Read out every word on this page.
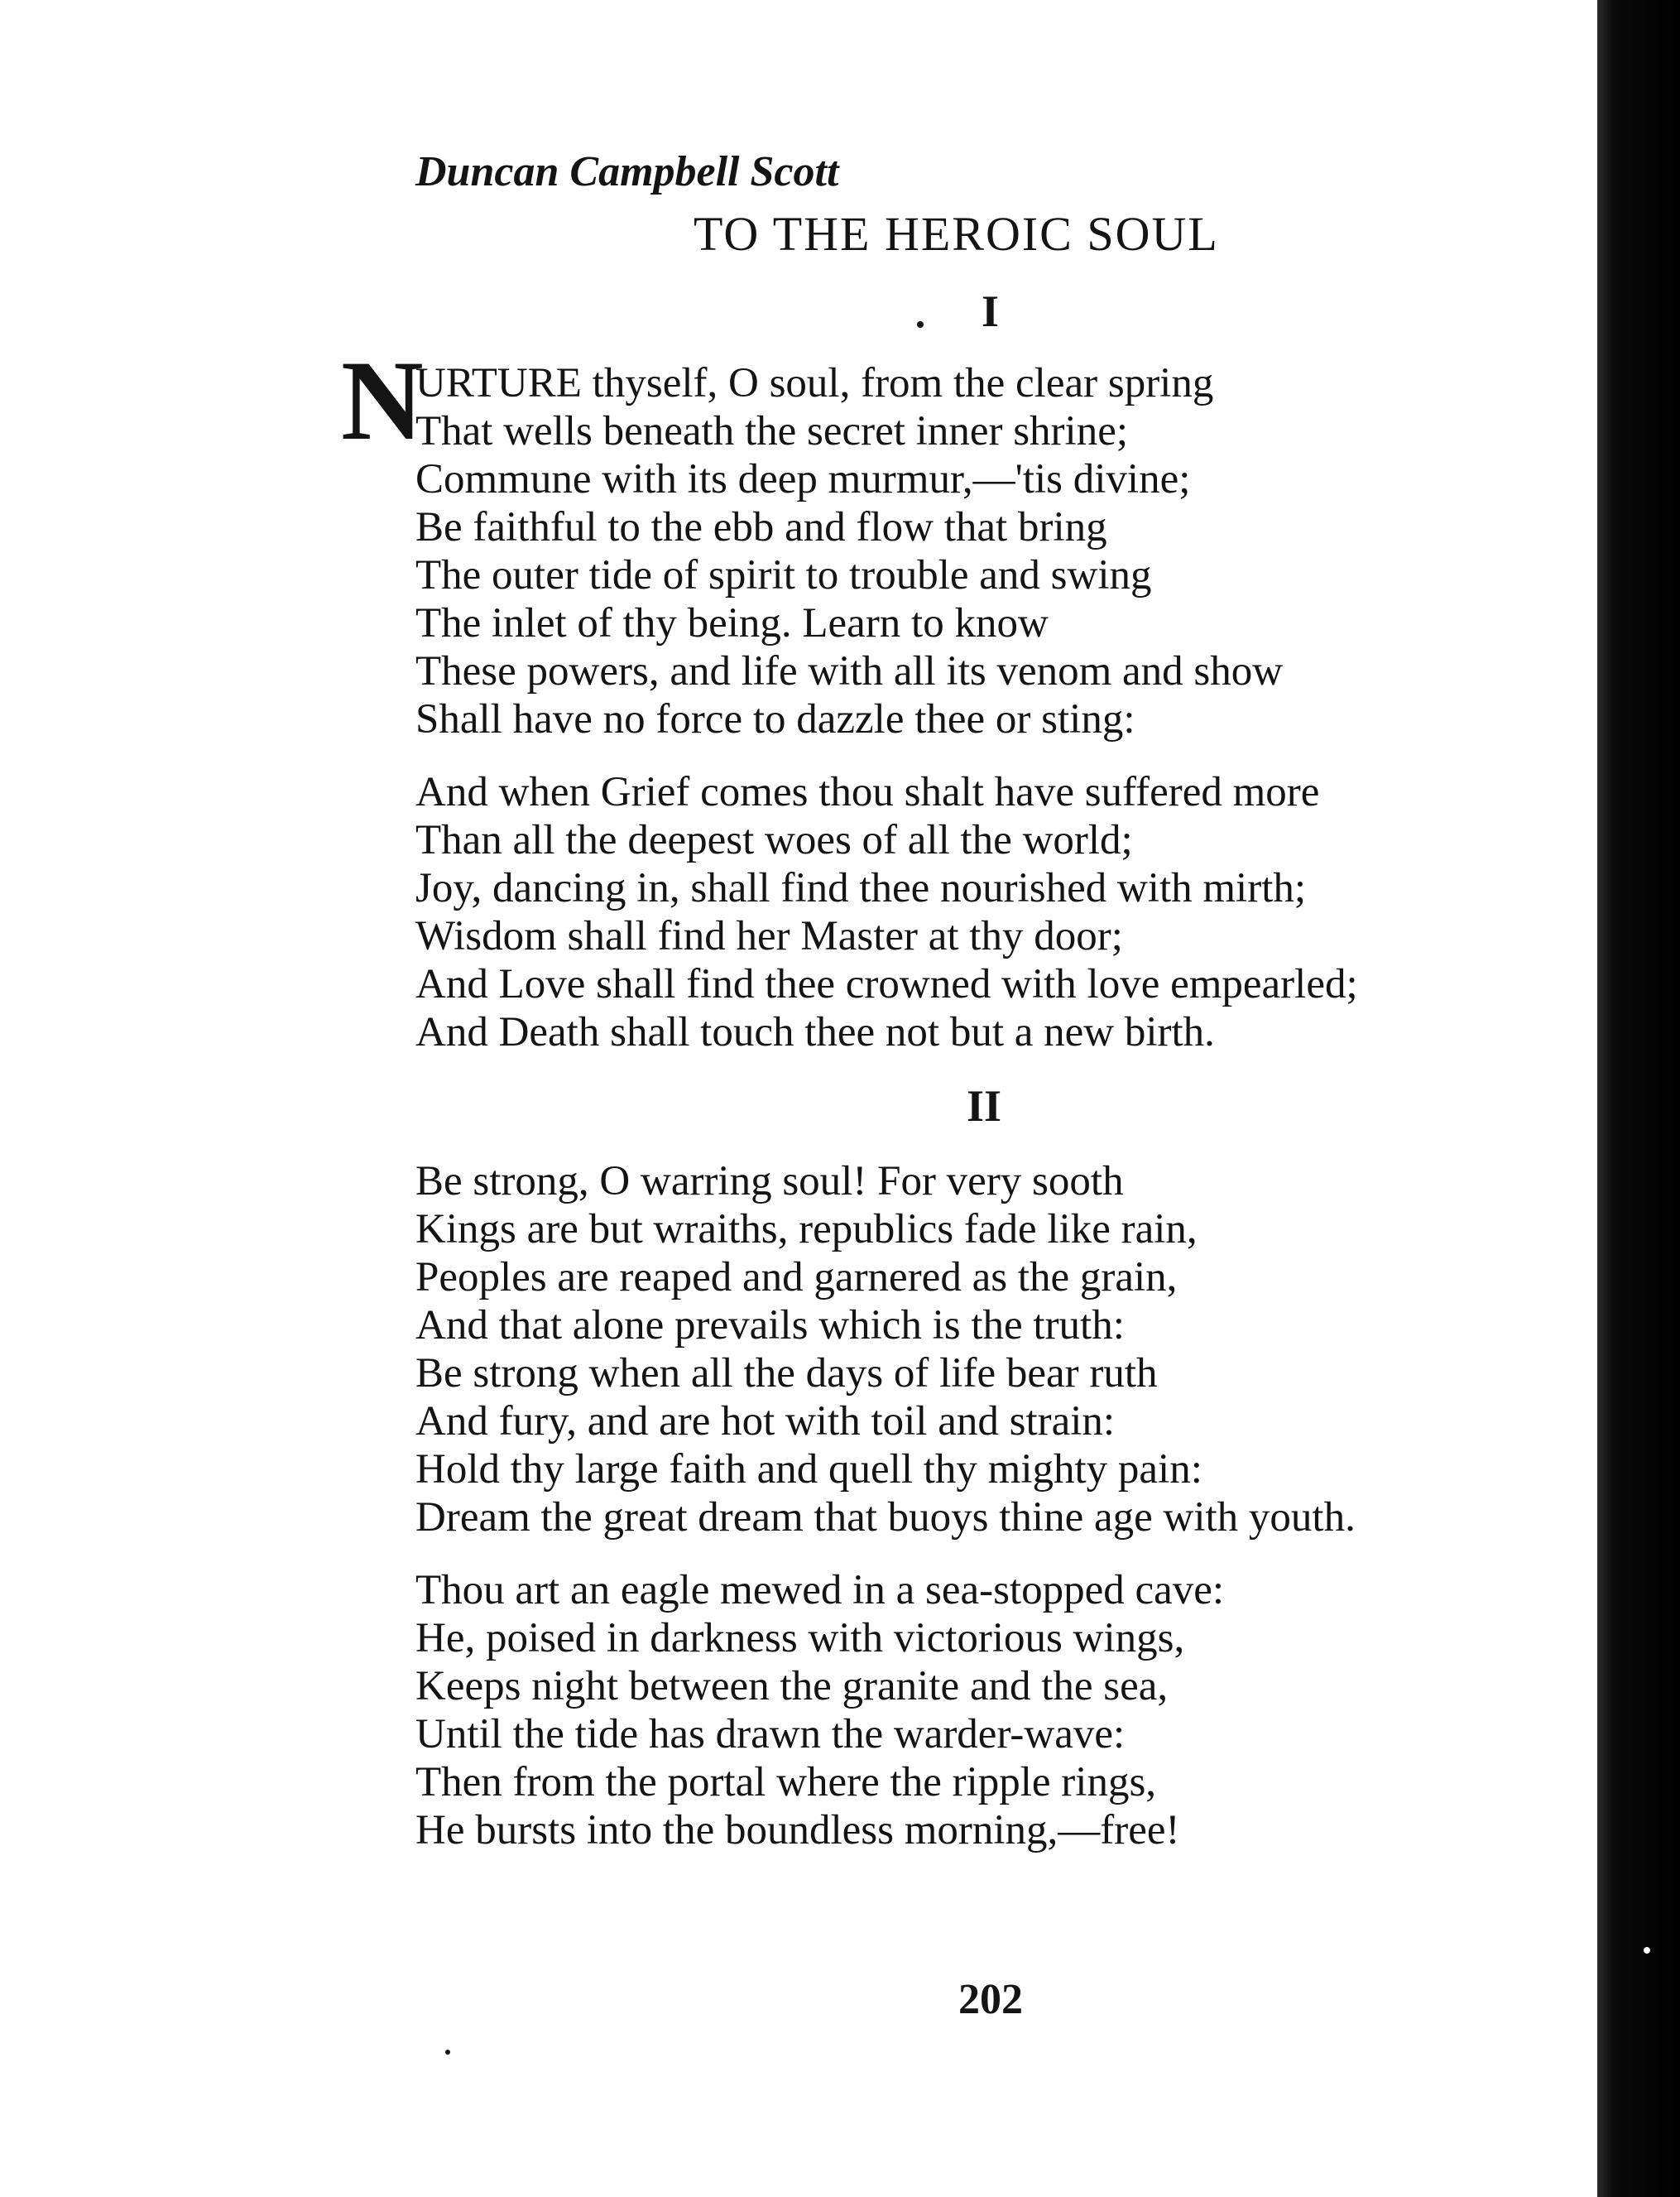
Duncan Campbell Scott
TO THE HEROIC SOUL
I
N
URTURE thyself, O soul, from the clear spring
That wells beneath the secret inner shrine;
Commune with its deep murmur,—'tis divine;
Be faithful to the ebb and flow that bring
The outer tide of spirit to trouble and swing
The inlet of thy being. Learn to know
These powers, and life with all its venom and show
Shall have no force to dazzle thee or sting:
And when Grief comes thou shalt have suffered more
Than all the deepest woes of all the world;
Joy, dancing in, shall find thee nourished with mirth;
Wisdom shall find her Master at thy door;
And Love shall find thee crowned with love empearled;
And Death shall touch thee not but a new birth.
II
Be strong, O warring soul! For very sooth
Kings are but wraiths, republics fade like rain,
Peoples are reaped and garnered as the grain,
And that alone prevails which is the truth:
Be strong when all the days of life bear ruth
And fury, and are hot with toil and strain:
Hold thy large faith and quell thy mighty pain:
Dream the great dream that buoys thine age with youth.
Thou art an eagle mewed in a sea-stopped cave:
He, poised in darkness with victorious wings,
Keeps night between the granite and the sea,
Until the tide has drawn the warder-wave:
Then from the portal where the ripple rings,
He bursts into the boundless morning,—free!
202
